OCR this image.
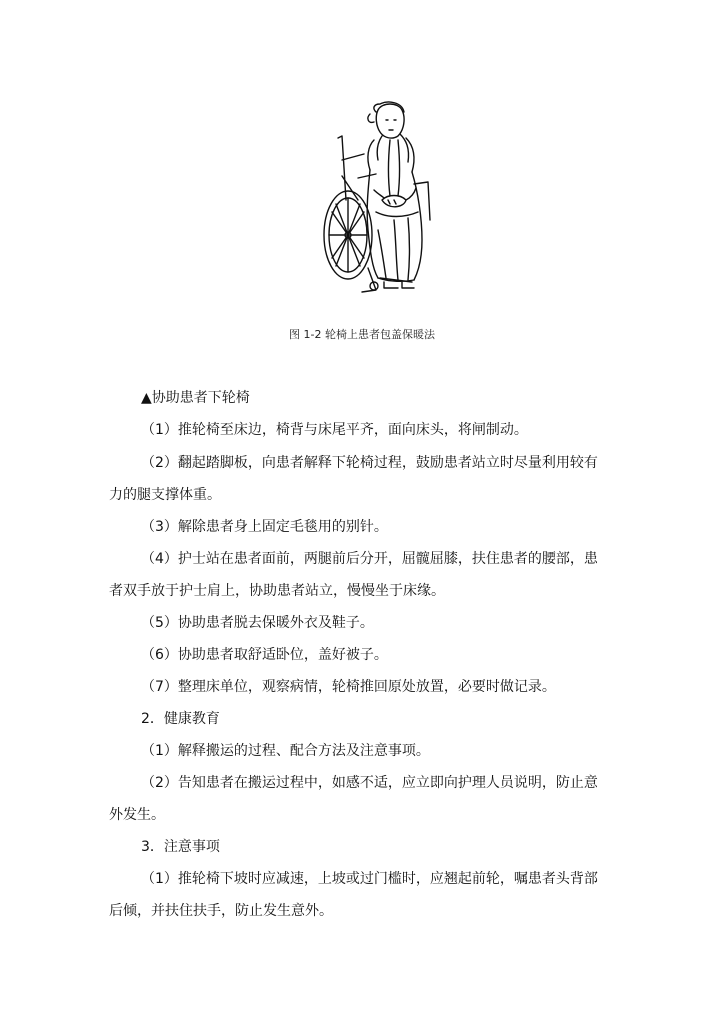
图 1-2 轮椅上患者包盖保暖法
▲协助患者下轮椅
（1）推轮椅至床边，椅背与床尾平齐，面向床头，将闸制动。
（2）翻起踏脚板，向患者解释下轮椅过程，鼓励患者站立时尽量利用较有
力的腿支撑体重。
（3）解除患者身上固定毛毯用的别针。
（4）护士站在患者面前，两腿前后分开，屈髋屈膝，扶住患者的腰部，患
者双手放于护士肩上，协助患者站立，慢慢坐于床缘。
（5）协助患者脱去保暖外衣及鞋子。
（6）协助患者取舒适卧位，盖好被子。
（7）整理床单位，观察病情，轮椅推回原处放置，必要时做记录。
2．健康教育
（1）解释搬运的过程、配合方法及注意事项。
（2）告知患者在搬运过程中，如感不适，应立即向护理人员说明，防止意
外发生。
3．注意事项
（1）推轮椅下坡时应减速，上坡或过门槛时，应翘起前轮，嘱患者头背部
后倾，并扶住扶手，防止发生意外。
